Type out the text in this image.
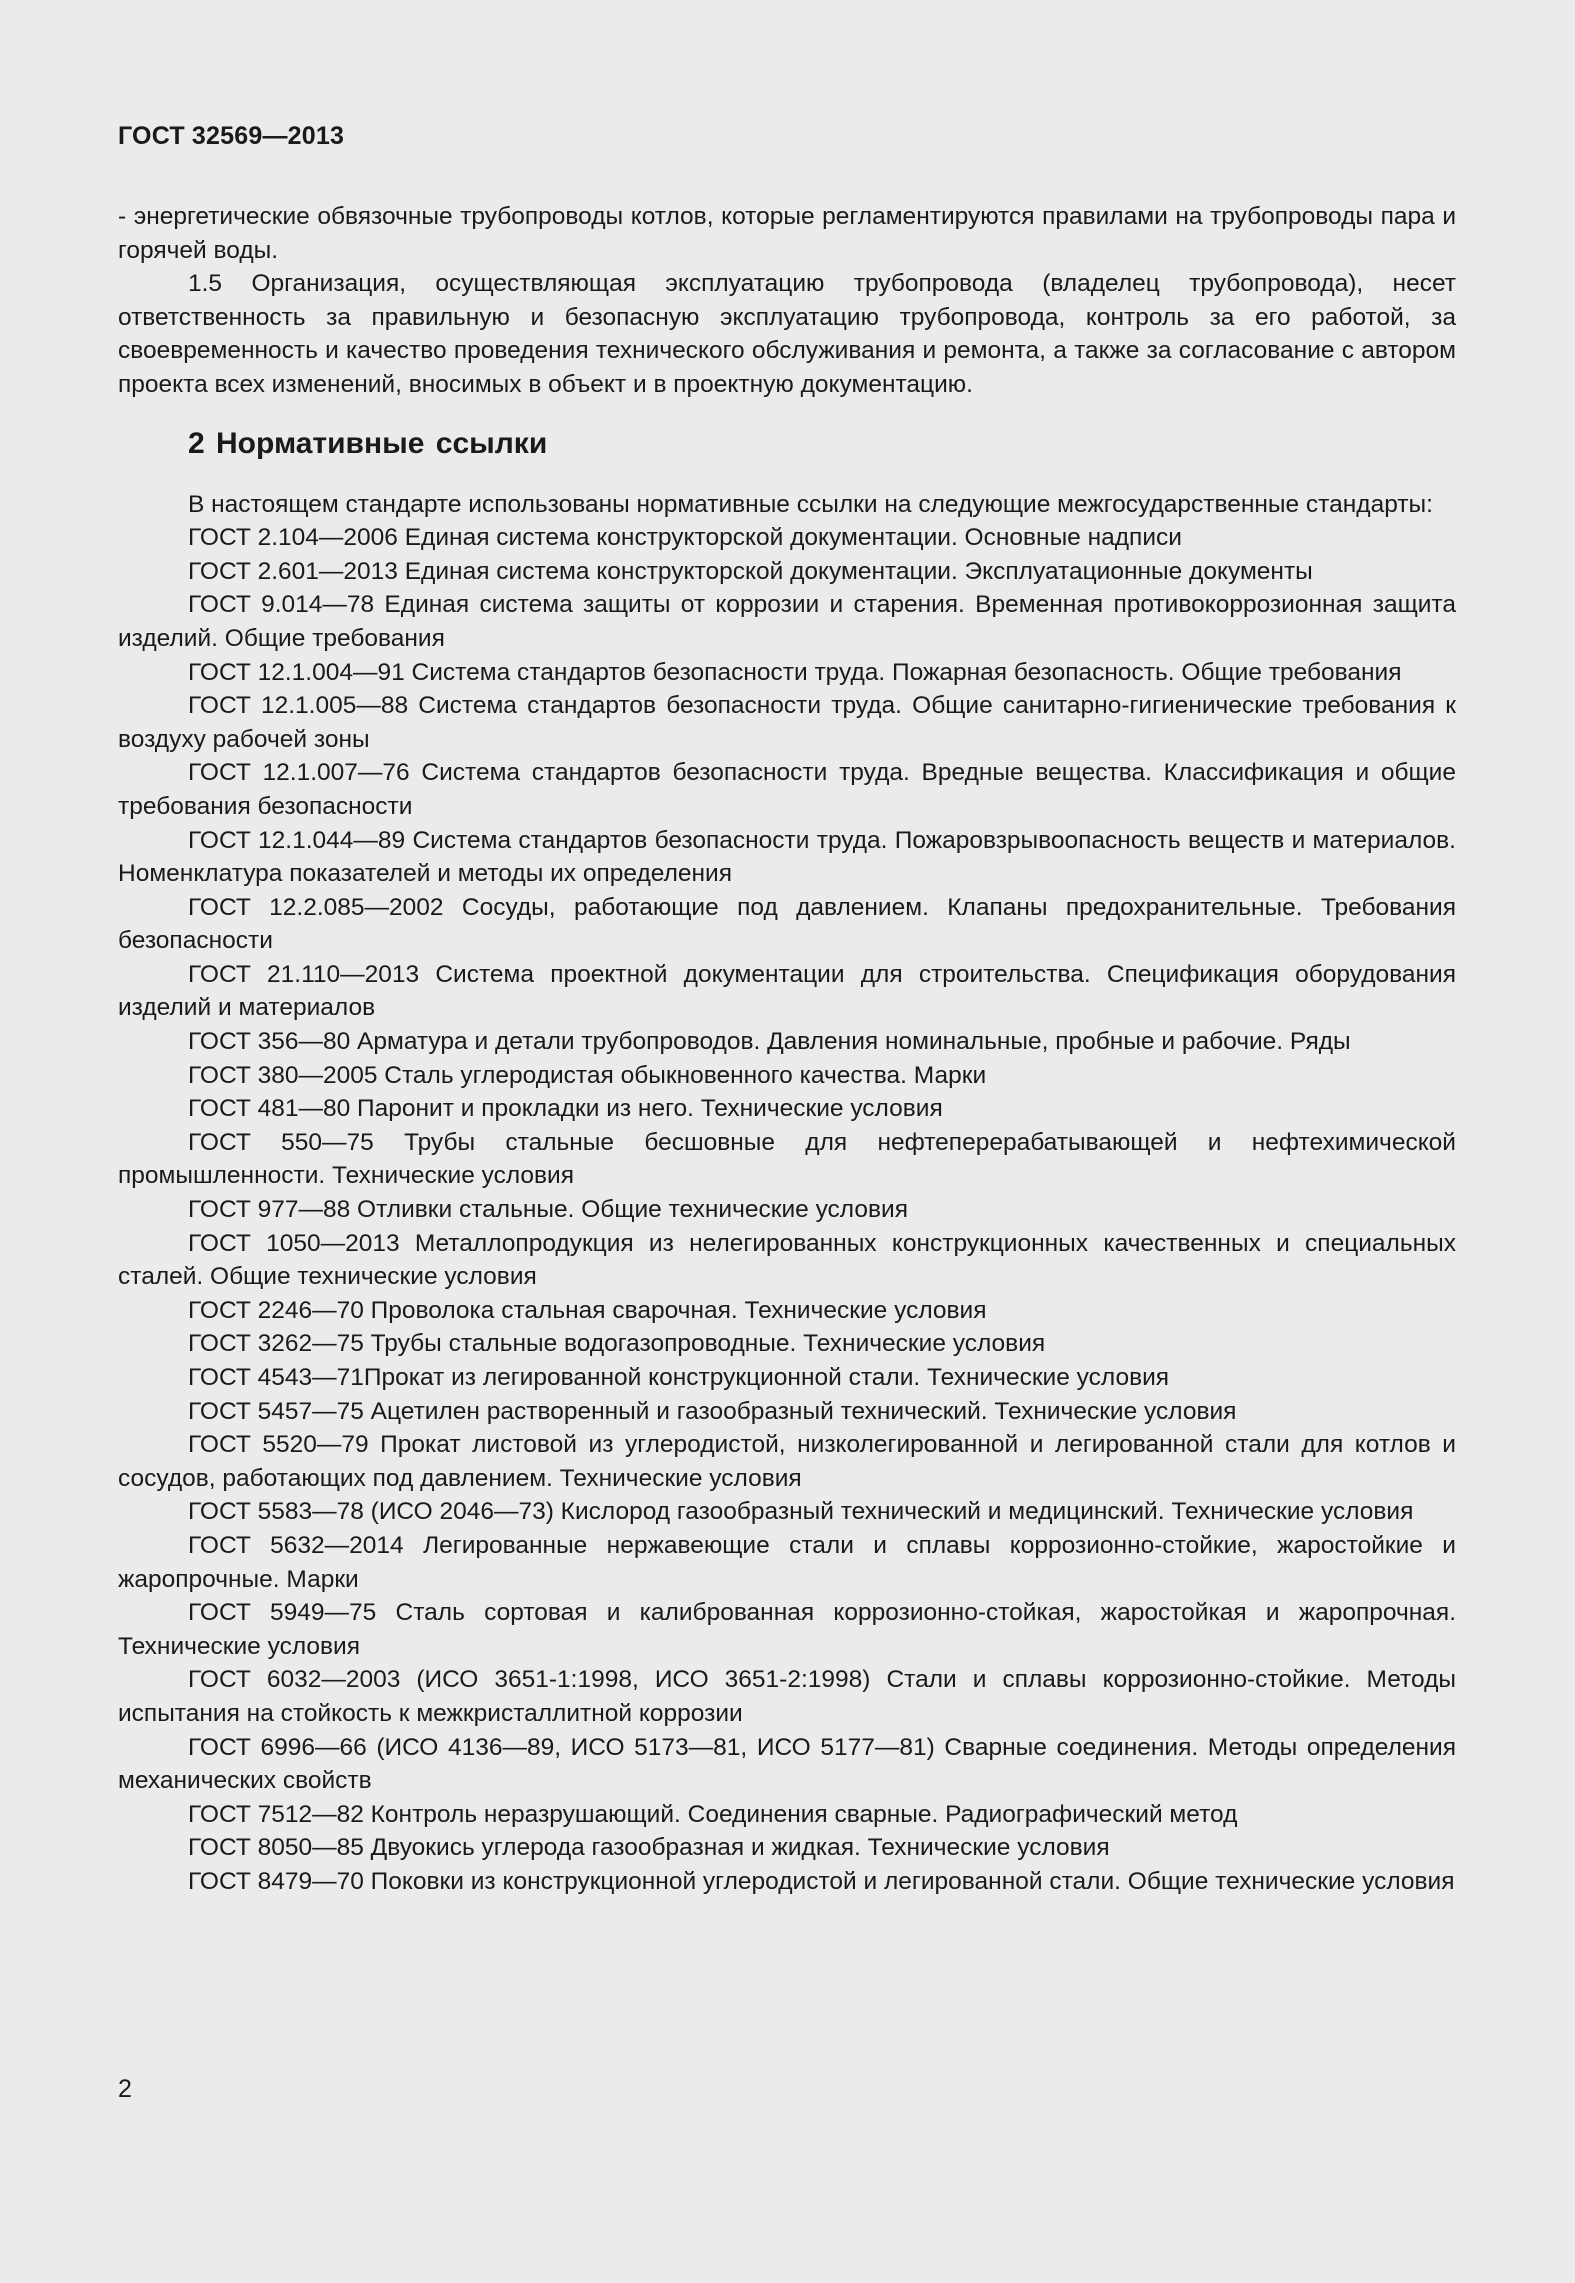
ГОСТ 32569—2013

- энергетические обвязочные трубопроводы котлов, которые регламентируются правилами на трубопроводы пара и горячей воды.

1.5 Организация, осуществляющая эксплуатацию трубопровода (владелец трубопровода), несет ответственность за правильную и безопасную эксплуатацию трубопровода, контроль за его работой, за своевременность и качество проведения технического обслуживания и ремонта, а также за согласование с автором проекта всех изменений, вносимых в объект и в проектную документацию.

2 Нормативные ссылки

В настоящем стандарте использованы нормативные ссылки на следующие межгосударственные стандарты:

ГОСТ 2.104—2006 Единая система конструкторской документации. Основные надписи

ГОСТ 2.601—2013 Единая система конструкторской документации. Эксплуатационные документы

ГОСТ 9.014—78 Единая система защиты от коррозии и старения. Временная противокоррозионная защита изделий. Общие требования

ГОСТ 12.1.004—91 Система стандартов безопасности труда. Пожарная безопасность. Общие требования

ГОСТ 12.1.005—88 Система стандартов безопасности труда. Общие санитарно-гигиенические требования к воздуху рабочей зоны

ГОСТ 12.1.007—76 Система стандартов безопасности труда. Вредные вещества. Классификация и общие требования безопасности

ГОСТ 12.1.044—89 Система стандартов безопасности труда. Пожаровзрывоопасность веществ и материалов. Номенклатура показателей и методы их определения

ГОСТ 12.2.085—2002 Сосуды, работающие под давлением. Клапаны предохранительные. Требования безопасности

ГОСТ 21.110—2013 Система проектной документации для строительства. Спецификация оборудования изделий и материалов

ГОСТ 356—80 Арматура и детали трубопроводов. Давления номинальные, пробные и рабочие. Ряды

ГОСТ 380—2005 Сталь углеродистая обыкновенного качества. Марки

ГОСТ 481—80 Паронит и прокладки из него. Технические условия

ГОСТ 550—75 Трубы стальные бесшовные для нефтеперерабатывающей и нефтехимической промышленности. Технические условия

ГОСТ 977—88 Отливки стальные. Общие технические условия

ГОСТ 1050—2013 Металлопродукция из нелегированных конструкционных качественных и специальных сталей. Общие технические условия

ГОСТ 2246—70 Проволока стальная сварочная. Технические условия

ГОСТ 3262—75 Трубы стальные водогазопроводные. Технические условия

ГОСТ 4543—71Прокат из легированной конструкционной стали. Технические условия

ГОСТ 5457—75 Ацетилен растворенный и газообразный технический. Технические условия

ГОСТ 5520—79 Прокат листовой из углеродистой, низколегированной и легированной стали для котлов и сосудов, работающих под давлением. Технические условия

ГОСТ 5583—78 (ИСО 2046—73) Кислород газообразный технический и медицинский. Технические условия

ГОСТ 5632—2014 Легированные нержавеющие стали и сплавы коррозионно-стойкие, жаростойкие и жаропрочные. Марки

ГОСТ 5949—75 Сталь сортовая и калиброванная коррозионно-стойкая, жаростойкая и жаропрочная. Технические условия

ГОСТ 6032—2003 (ИСО 3651-1:1998, ИСО 3651-2:1998) Стали и сплавы коррозионно-стойкие. Методы испытания на стойкость к межкристаллитной коррозии

ГОСТ 6996—66 (ИСО 4136—89, ИСО 5173—81, ИСО 5177—81) Сварные соединения. Методы определения механических свойств

ГОСТ 7512—82 Контроль неразрушающий. Соединения сварные. Радиографический метод

ГОСТ 8050—85 Двуокись углерода газообразная и жидкая. Технические условия

ГОСТ 8479—70 Поковки из конструкционной углеродистой и легированной стали. Общие технические условия

2
